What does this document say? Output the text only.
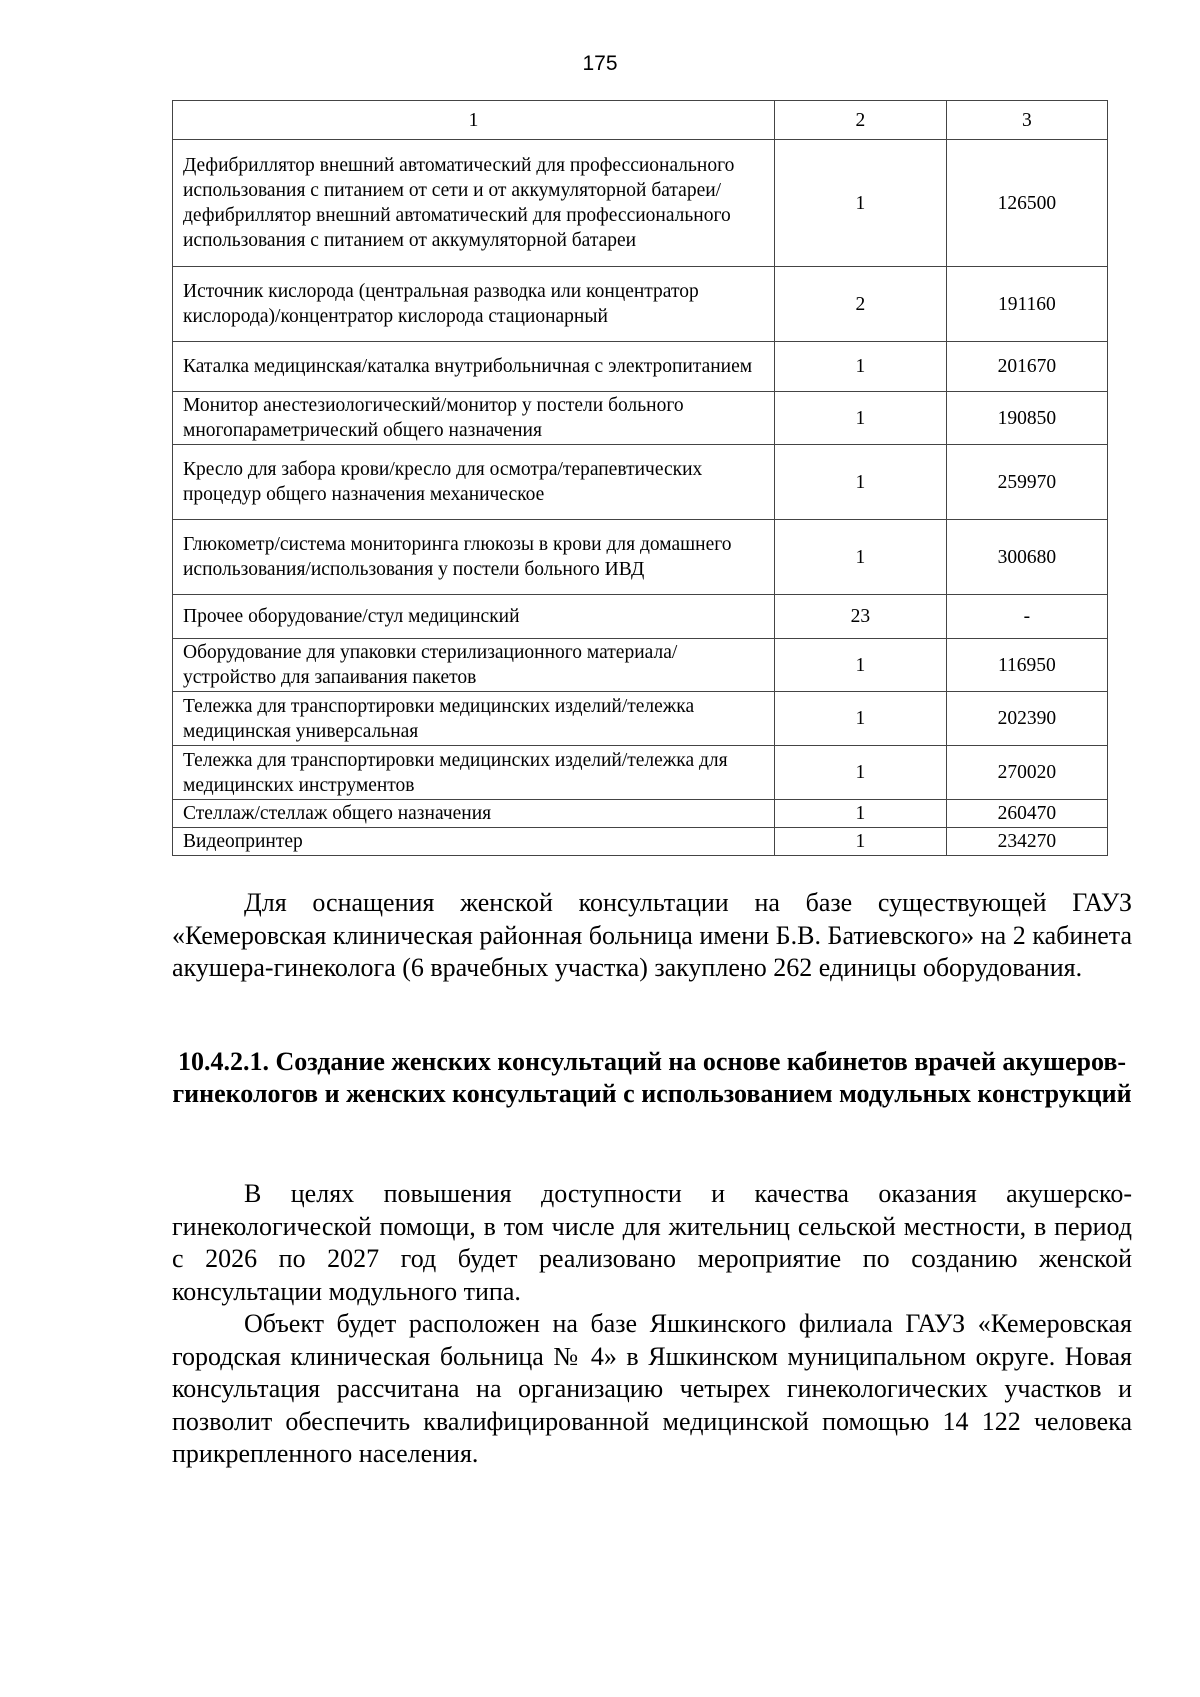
175
1	2	3
Дефибриллятор внешний автоматический для профессионального использования с питанием от сети и от аккумуляторной батареи/дефибриллятор внешний автоматический для профессионального использования с питанием от аккумуляторной батареи	1	126500
Источник кислорода (центральная разводка или концентратор кислорода)/концентратор кислорода стационарный	2	191160
Каталка медицинская/каталка внутрибольничная с электропитанием	1	201670
Монитор анестезиологический/монитор у постели больного многопараметрический общего назначения	1	190850
Кресло для забора крови/кресло для осмотра/терапевтических процедур общего назначения механическое	1	259970
Глюкометр/система мониторинга глюкозы в крови для домашнего использования/использования у постели больного ИВД	1	300680
Прочее оборудование/стул медицинский	23	-
Оборудование для упаковки стерилизационного материала/ устройство для запаивания пакетов	1	116950
Тележка для транспортировки медицинских изделий/тележка медицинская универсальная	1	202390
Тележка для транспортировки медицинских изделий/тележка для медицинских инструментов	1	270020
Стеллаж/стеллаж общего назначения	1	260470
Видеопринтер	1	234270

Для оснащения женской консультации на базе существующей ГАУЗ «Кемеровская клиническая районная больница имени Б.В. Батиевского» на 2 кабинета акушера-гинеколога (6 врачебных участка) закуплено 262 единицы оборудования.

10.4.2.1. Создание женских консультаций на основе кабинетов врачей акушеров-гинекологов и женских консультаций с использованием модульных конструкций

В целях повышения доступности и качества оказания акушерско-гинекологической помощи, в том числе для жительниц сельской местности, в период с 2026 по 2027 год будет реализовано мероприятие по созданию женской консультации модульного типа.

Объект будет расположен на базе Яшкинского филиала ГАУЗ «Кемеровская городская клиническая больница № 4» в Яшкинском муниципальном округе. Новая консультация рассчитана на организацию четырех гинекологических участков и позволит обеспечить квалифицированной медицинской помощью 14 122 человека прикрепленного населения.
